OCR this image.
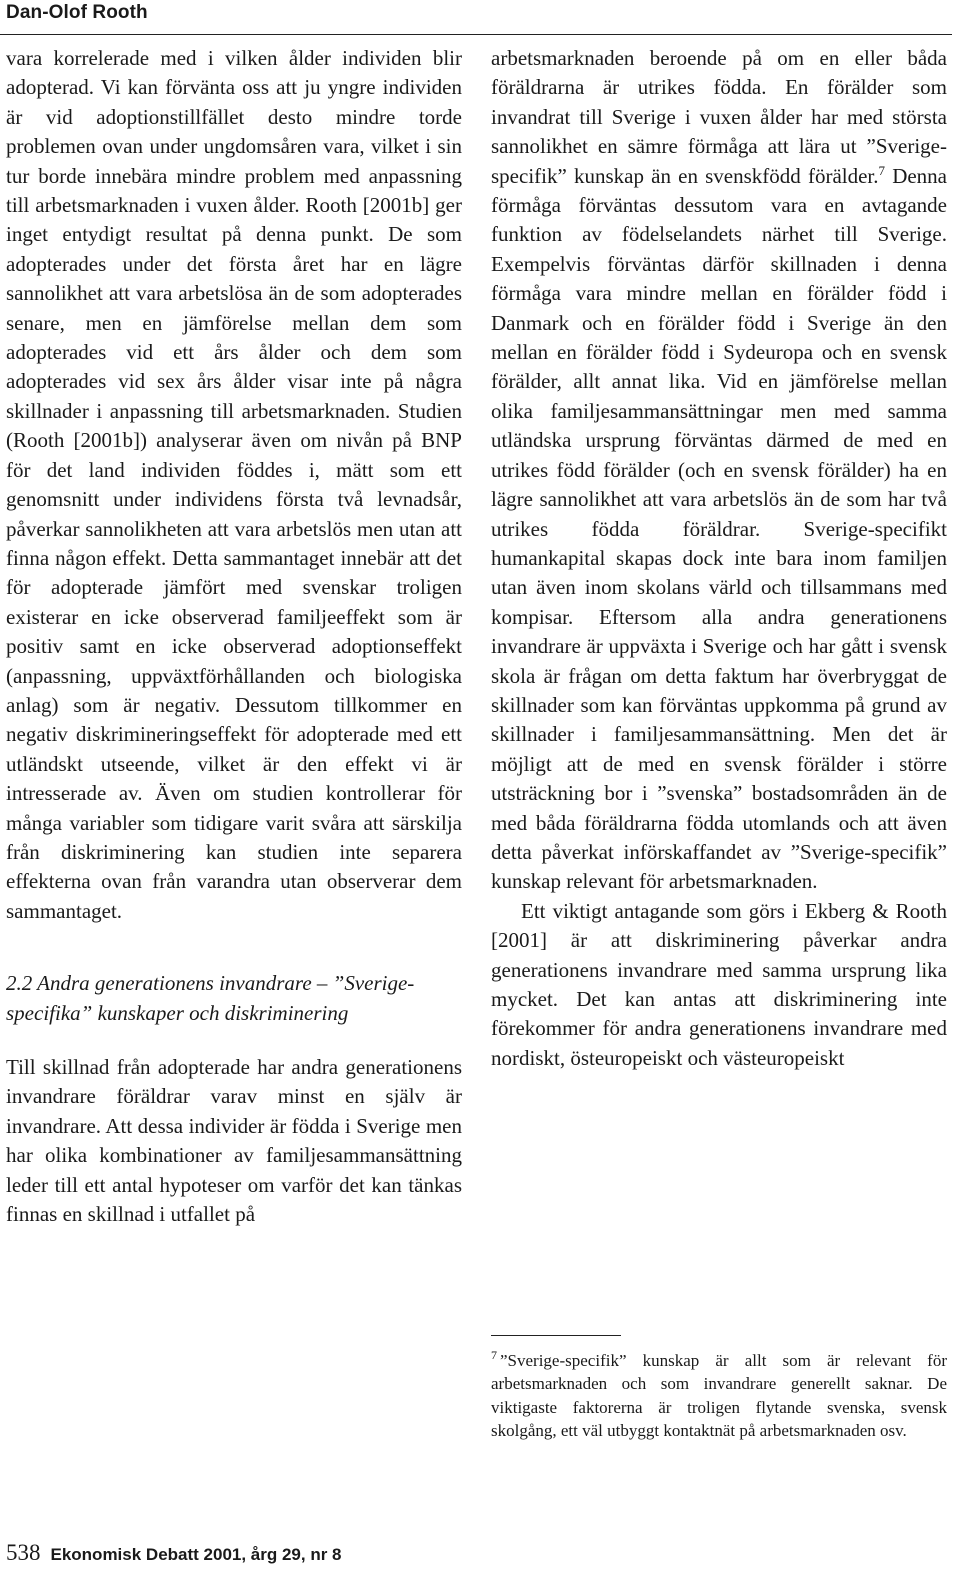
Dan-Olof Rooth

vara korrelerade med i vilken ålder individen blir adopterad. Vi kan förvänta oss att ju yngre individen är vid adoptionstillfället desto mindre torde problemen ovan under ungdomsåren vara, vilket i sin tur borde innebära mindre problem med anpassning till arbetsmarknaden i vuxen ålder. Rooth [2001b] ger inget entydigt resultat på denna punkt. De som adopterades under det första året har en lägre sannolikhet att vara arbetslösa än de som adopterades senare, men en jämförelse mellan dem som adopterades vid ett års ålder och dem som adopterades vid sex års ålder visar inte på några skillnader i anpassning till arbetsmarknaden. Studien (Rooth [2001b]) analyserar även om nivån på BNP för det land individen föddes i, mätt som ett genomsnitt under individens första två levnadsår, påverkar sannolikheten att vara arbetslös men utan att finna någon effekt. Detta sammantaget innebär att det för adopterade jämfört med svenskar troligen existerar en icke observerad familjeeffekt som är positiv samt en icke observerad adoptionseffekt (anpassning, uppväxtförhållanden och biologiska anlag) som är negativ. Dessutom tillkommer en negativ diskrimineringseffekt för adopterade med ett utländskt utseende, vilket är den effekt vi är intresserade av. Även om studien kontrollerar för många variabler som tidigare varit svåra att särskilja från diskriminering kan studien inte separera effekterna ovan från varandra utan observerar dem sammantaget.

2.2 Andra generationens invandrare – ”Sverige-specifika” kunskaper och diskriminering

Till skillnad från adopterade har andra generationens invandrare föräldrar varav minst en själv är invandrare. Att dessa individer är födda i Sverige men har olika kombinationer av familjesammansättning leder till ett antal hypoteser om varför det kan tänkas finnas en skillnad i utfallet på

arbetsmarknaden beroende på om en eller båda föräldrarna är utrikes födda. En förälder som invandrat till Sverige i vuxen ålder har med största sannolikhet en sämre förmåga att lära ut ”Sverige-specifik” kunskap än en svenskfödd förälder.$^7$ Denna förmåga förväntas dessutom vara en avtagande funktion av födelselandets närhet till Sverige. Exempelvis förväntas därför skillnaden i denna förmåga vara mindre mellan en förälder född i Danmark och en förälder född i Sverige än den mellan en förälder född i Sydeuropa och en svensk förälder, allt annat lika. Vid en jämförelse mellan olika familjesammansättningar men med samma utländska ursprung förväntas därmed de med en utrikes född förälder (och en svensk förälder) ha en lägre sannolikhet att vara arbetslös än de som har två utrikes födda föräldrar. Sverige-specifikt humankapital skapas dock inte bara inom familjen utan även inom skolans värld och tillsammans med kompisar. Eftersom alla andra generationens invandrare är uppväxta i Sverige och har gått i svensk skola är frågan om detta faktum har överbryggat de skillnader som kan förväntas uppkomma på grund av skillnader i familjesammansättning. Men det är möjligt att de med en svensk förälder i större utsträckning bor i ”svenska” bostadsområden än de med båda föräldrarna födda utomlands och att även detta påverkat införskaffandet av ”Sverige-specifik” kunskap relevant för arbetsmarknaden.

Ett viktigt antagande som görs i Ekberg & Rooth [2001] är att diskriminering påverkar andra generationens invandrare med samma ursprung lika mycket. Det kan antas att diskriminering inte förekommer för andra generationens invandrare med nordiskt, östeuropeiskt och västeuropeiskt

$^7$ ”Sverige-specifik” kunskap är allt som är relevant för arbetsmarknaden och som invandrare generellt saknar. De viktigaste faktorerna är troligen flytande svenska, svensk skolgång, ett väl utbyggt kontaktnät på arbetsmarknaden osv.
538 Ekonomisk Debatt 2001, årg 29, nr 8
